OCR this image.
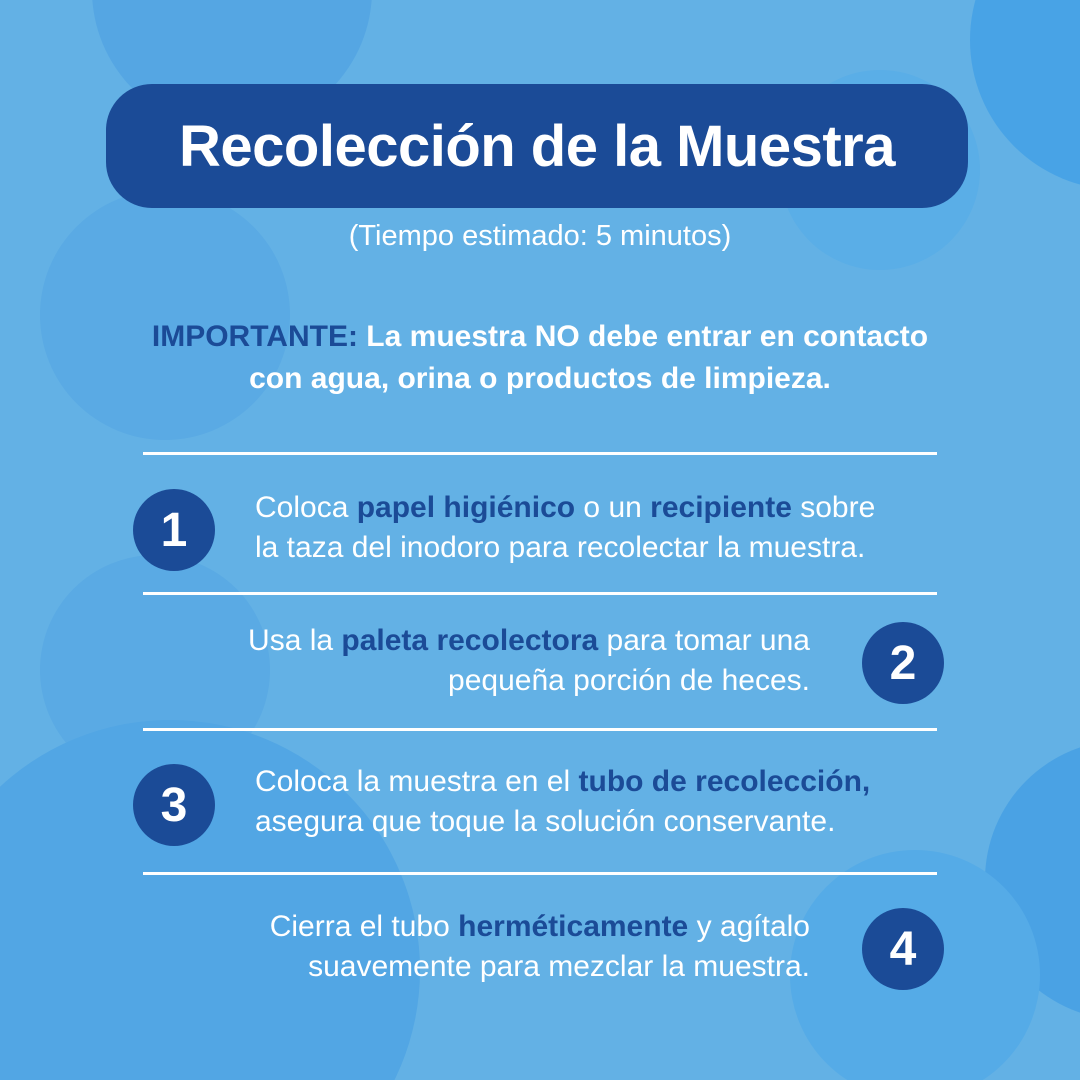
Recolección de la Muestra
(Tiempo estimado: 5 minutos)
IMPORTANTE: La muestra NO debe entrar en contacto
con agua, orina o productos de limpieza.
1	Coloca papel higiénico o un recipiente sobre
la taza del inodoro para recolectar la muestra.
Usa la paleta recolectora para tomar una
pequeña porción de heces.	2
3	Coloca la muestra en el tubo de recolección,
asegura que toque la solución conservante.
Cierra el tubo herméticamente y agítalo
suavemente para mezclar la muestra.	4
